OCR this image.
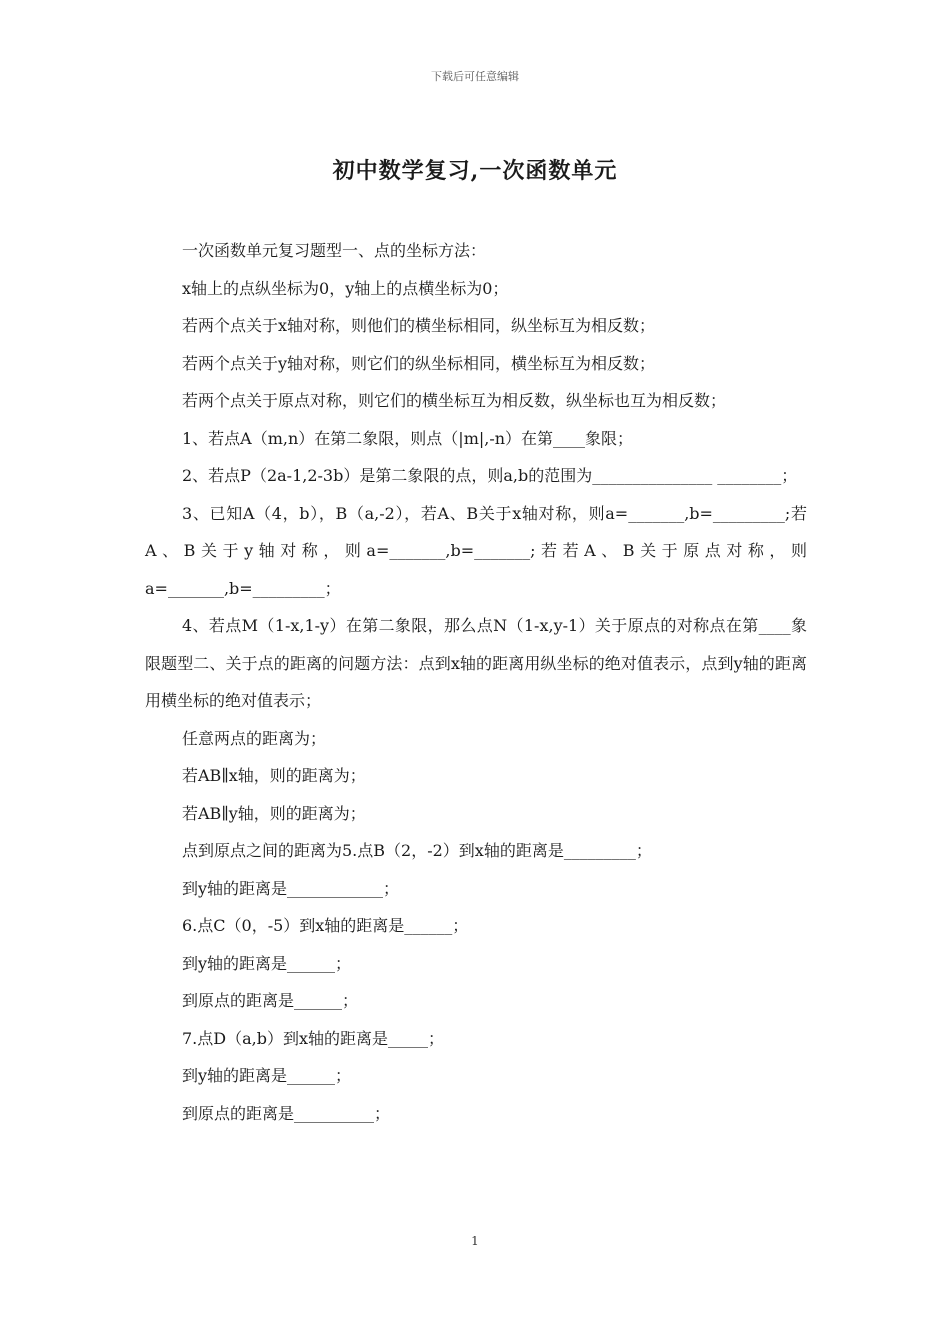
下载后可任意编辑
初中数学复习,一次函数单元

一次函数单元复习题型一、点的坐标方法：

x轴上的点纵坐标为0，y轴上的点横坐标为0；

若两个点关于x轴对称，则他们的横坐标相同，纵坐标互为相反数；

若两个点关于y轴对称，则它们的纵坐标相同，横坐标互为相反数；

若两个点关于原点对称，则它们的横坐标互为相反数，纵坐标也互为相反数；

1、若点A（m,n）在第二象限，则点（|m|,-n）在第____象限；

2、若点P（2a-1,2-3b）是第二象限的点，则a,b的范围为_______________ ________；

3、已知A（4，b），B（a,-2），若A、B关于x轴对称，则a=_______,b=_________;若A、B关于y轴对称，则a=_______,b=_______;若若A、B关于原点对称，则a=_______,b=_________；

4、若点M（1-x,1-y）在第二象限，那么点N（1-x,y-1）关于原点的对称点在第____象限题型二、关于点的距离的问题方法：点到x轴的距离用纵坐标的绝对值表示，点到y轴的距离用横坐标的绝对值表示；

任意两点的距离为；

若AB∥x轴，则的距离为；

若AB∥y轴，则的距离为；

点到原点之间的距离为5.点B（2，-2）到x轴的距离是_________；

到y轴的距离是____________；

6.点C（0，-5）到x轴的距离是______；

到y轴的距离是______；

到原点的距离是______；

7.点D（a,b）到x轴的距离是_____；

到y轴的距离是______；

到原点的距离是__________；

1
